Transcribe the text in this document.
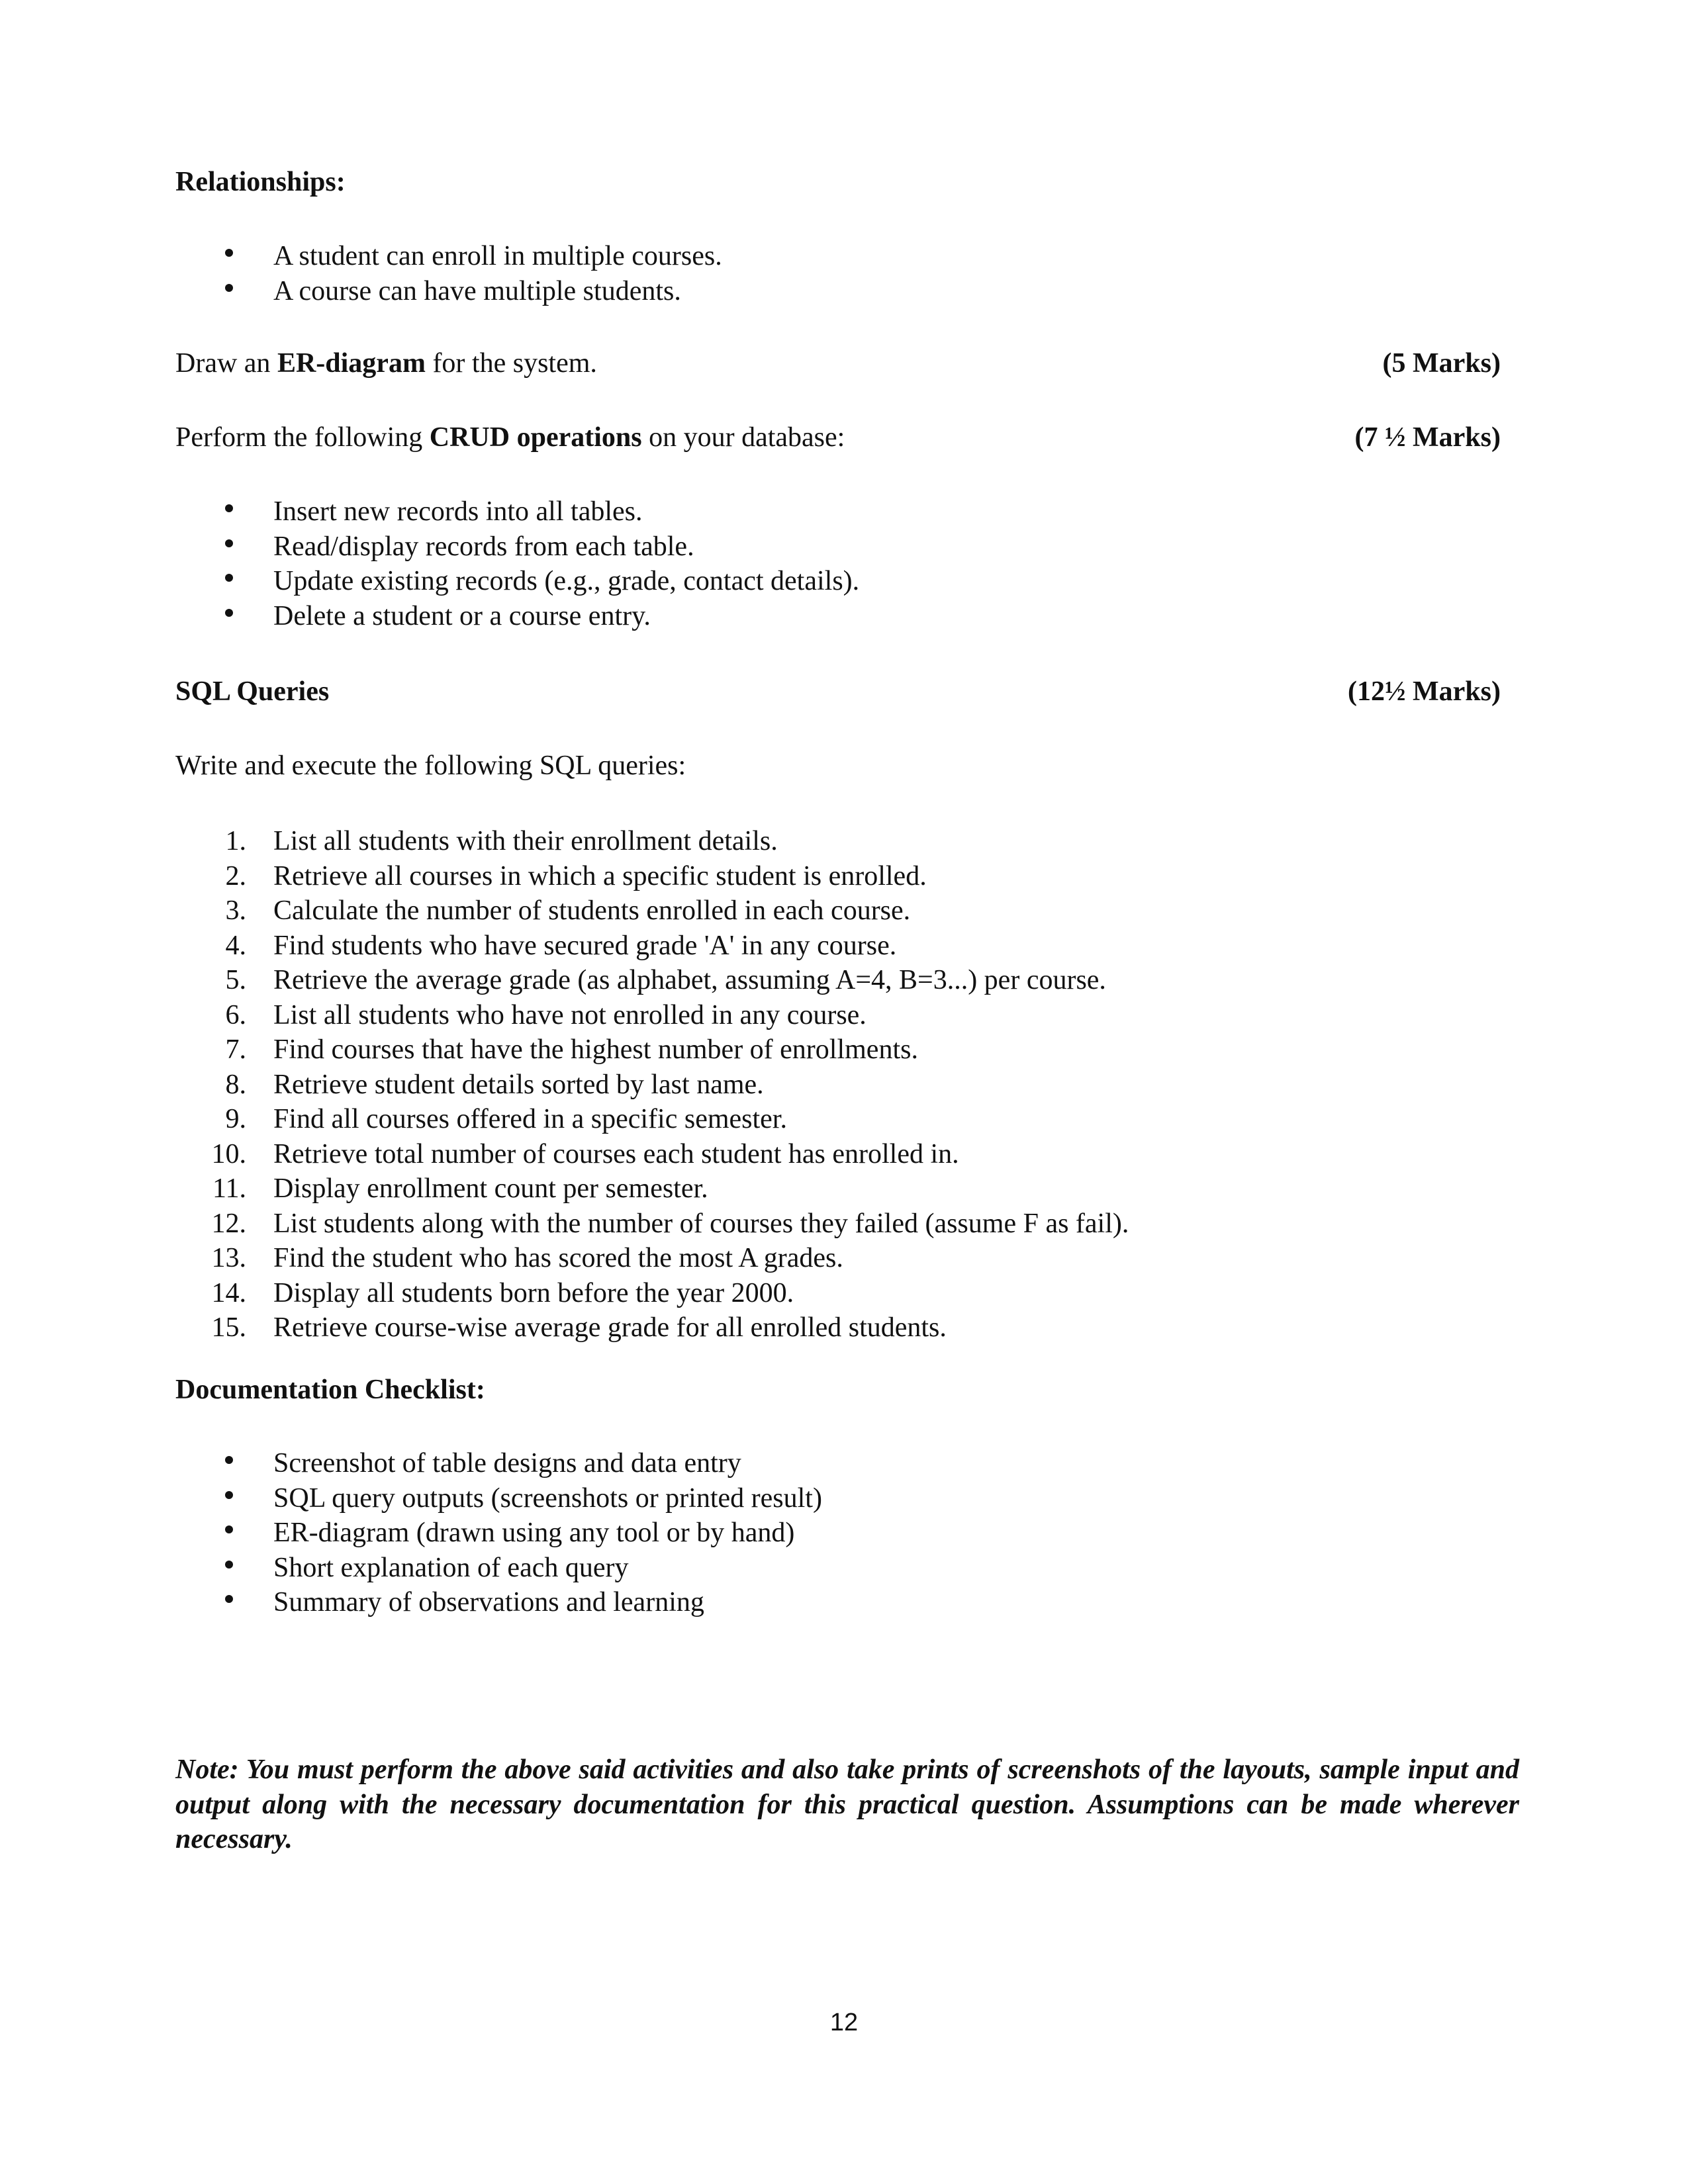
Relationships:
A student can enroll in multiple courses.
A course can have multiple students.
Draw an ER-diagram for the system.	(5 Marks)
Perform the following CRUD operations on your database:	(7 ½ Marks)
Insert new records into all tables.
Read/display records from each table.
Update existing records (e.g., grade, contact details).
Delete a student or a course entry.
SQL Queries	(12½ Marks)
Write and execute the following SQL queries:
1. List all students with their enrollment details.
2. Retrieve all courses in which a specific student is enrolled.
3. Calculate the number of students enrolled in each course.
4. Find students who have secured grade 'A' in any course.
5. Retrieve the average grade (as alphabet, assuming A=4, B=3...) per course.
6. List all students who have not enrolled in any course.
7. Find courses that have the highest number of enrollments.
8. Retrieve student details sorted by last name.
9. Find all courses offered in a specific semester.
10. Retrieve total number of courses each student has enrolled in.
11. Display enrollment count per semester.
12. List students along with the number of courses they failed (assume F as fail).
13. Find the student who has scored the most A grades.
14. Display all students born before the year 2000.
15. Retrieve course-wise average grade for all enrolled students.
Documentation Checklist:
Screenshot of table designs and data entry
SQL query outputs (screenshots or printed result)
ER-diagram (drawn using any tool or by hand)
Short explanation of each query
Summary of observations and learning
Note: You must perform the above said activities and also take prints of screenshots of the layouts, sample input and output along with the necessary documentation for this practical question. Assumptions can be made wherever necessary.
12
